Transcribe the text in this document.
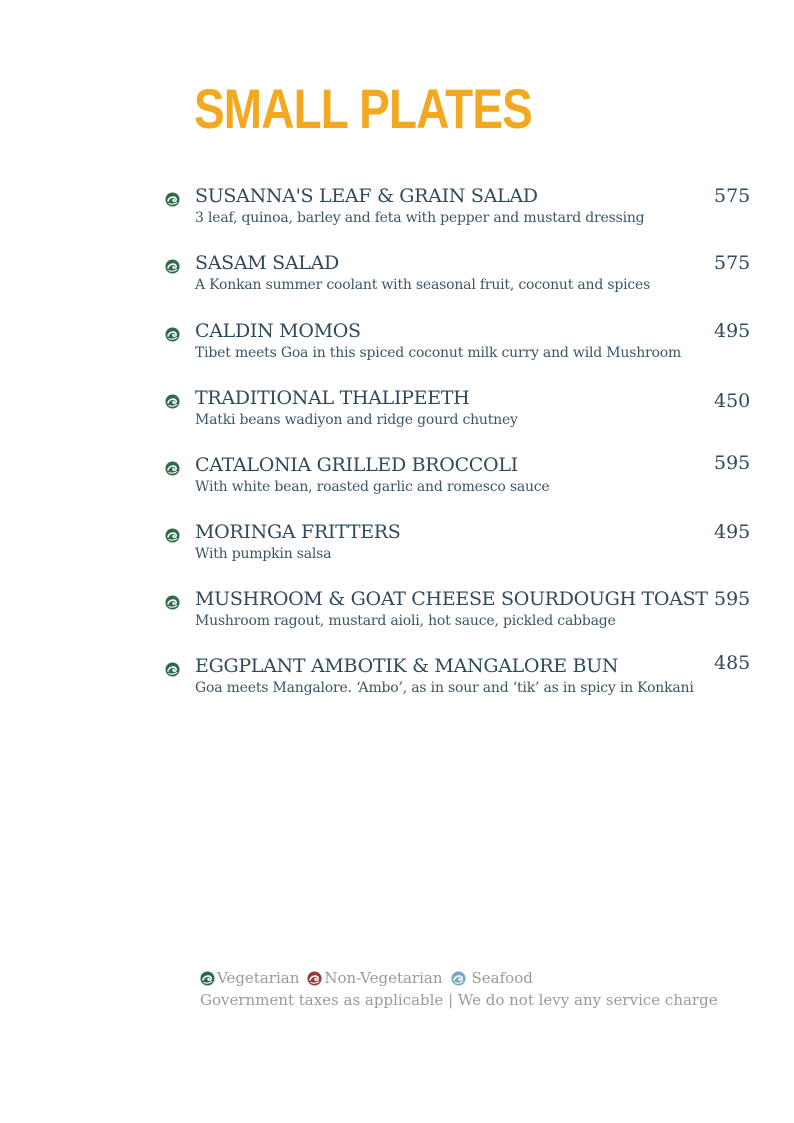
SMALL PLATES
SUSANNA'S LEAF & GRAIN SALAD
3 leaf, quinoa, barley and feta with pepper and mustard dressing
575
SASAM SALAD
A Konkan summer coolant with seasonal fruit, coconut and spices
575
CALDIN MOMOS
Tibet meets Goa in this spiced coconut milk curry and wild Mushroom
495
TRADITIONAL THALIPEETH
Matki beans wadiyon and ridge gourd chutney
450
CATALONIA GRILLED BROCCOLI
With white bean, roasted garlic and romesco sauce
595
MORINGA FRITTERS
With pumpkin salsa
495
MUSHROOM & GOAT CHEESE SOURDOUGH TOAST
Mushroom ragout, mustard aioli, hot sauce, pickled cabbage
595
EGGPLANT AMBOTIK & MANGALORE BUN
Goa meets Mangalore. ‘Ambo’, as in sour and ‘tik’ as in spicy in Konkani
485
Vegetarian Non-Vegetarian Seafood
Government taxes as applicable | We do not levy any service charge
